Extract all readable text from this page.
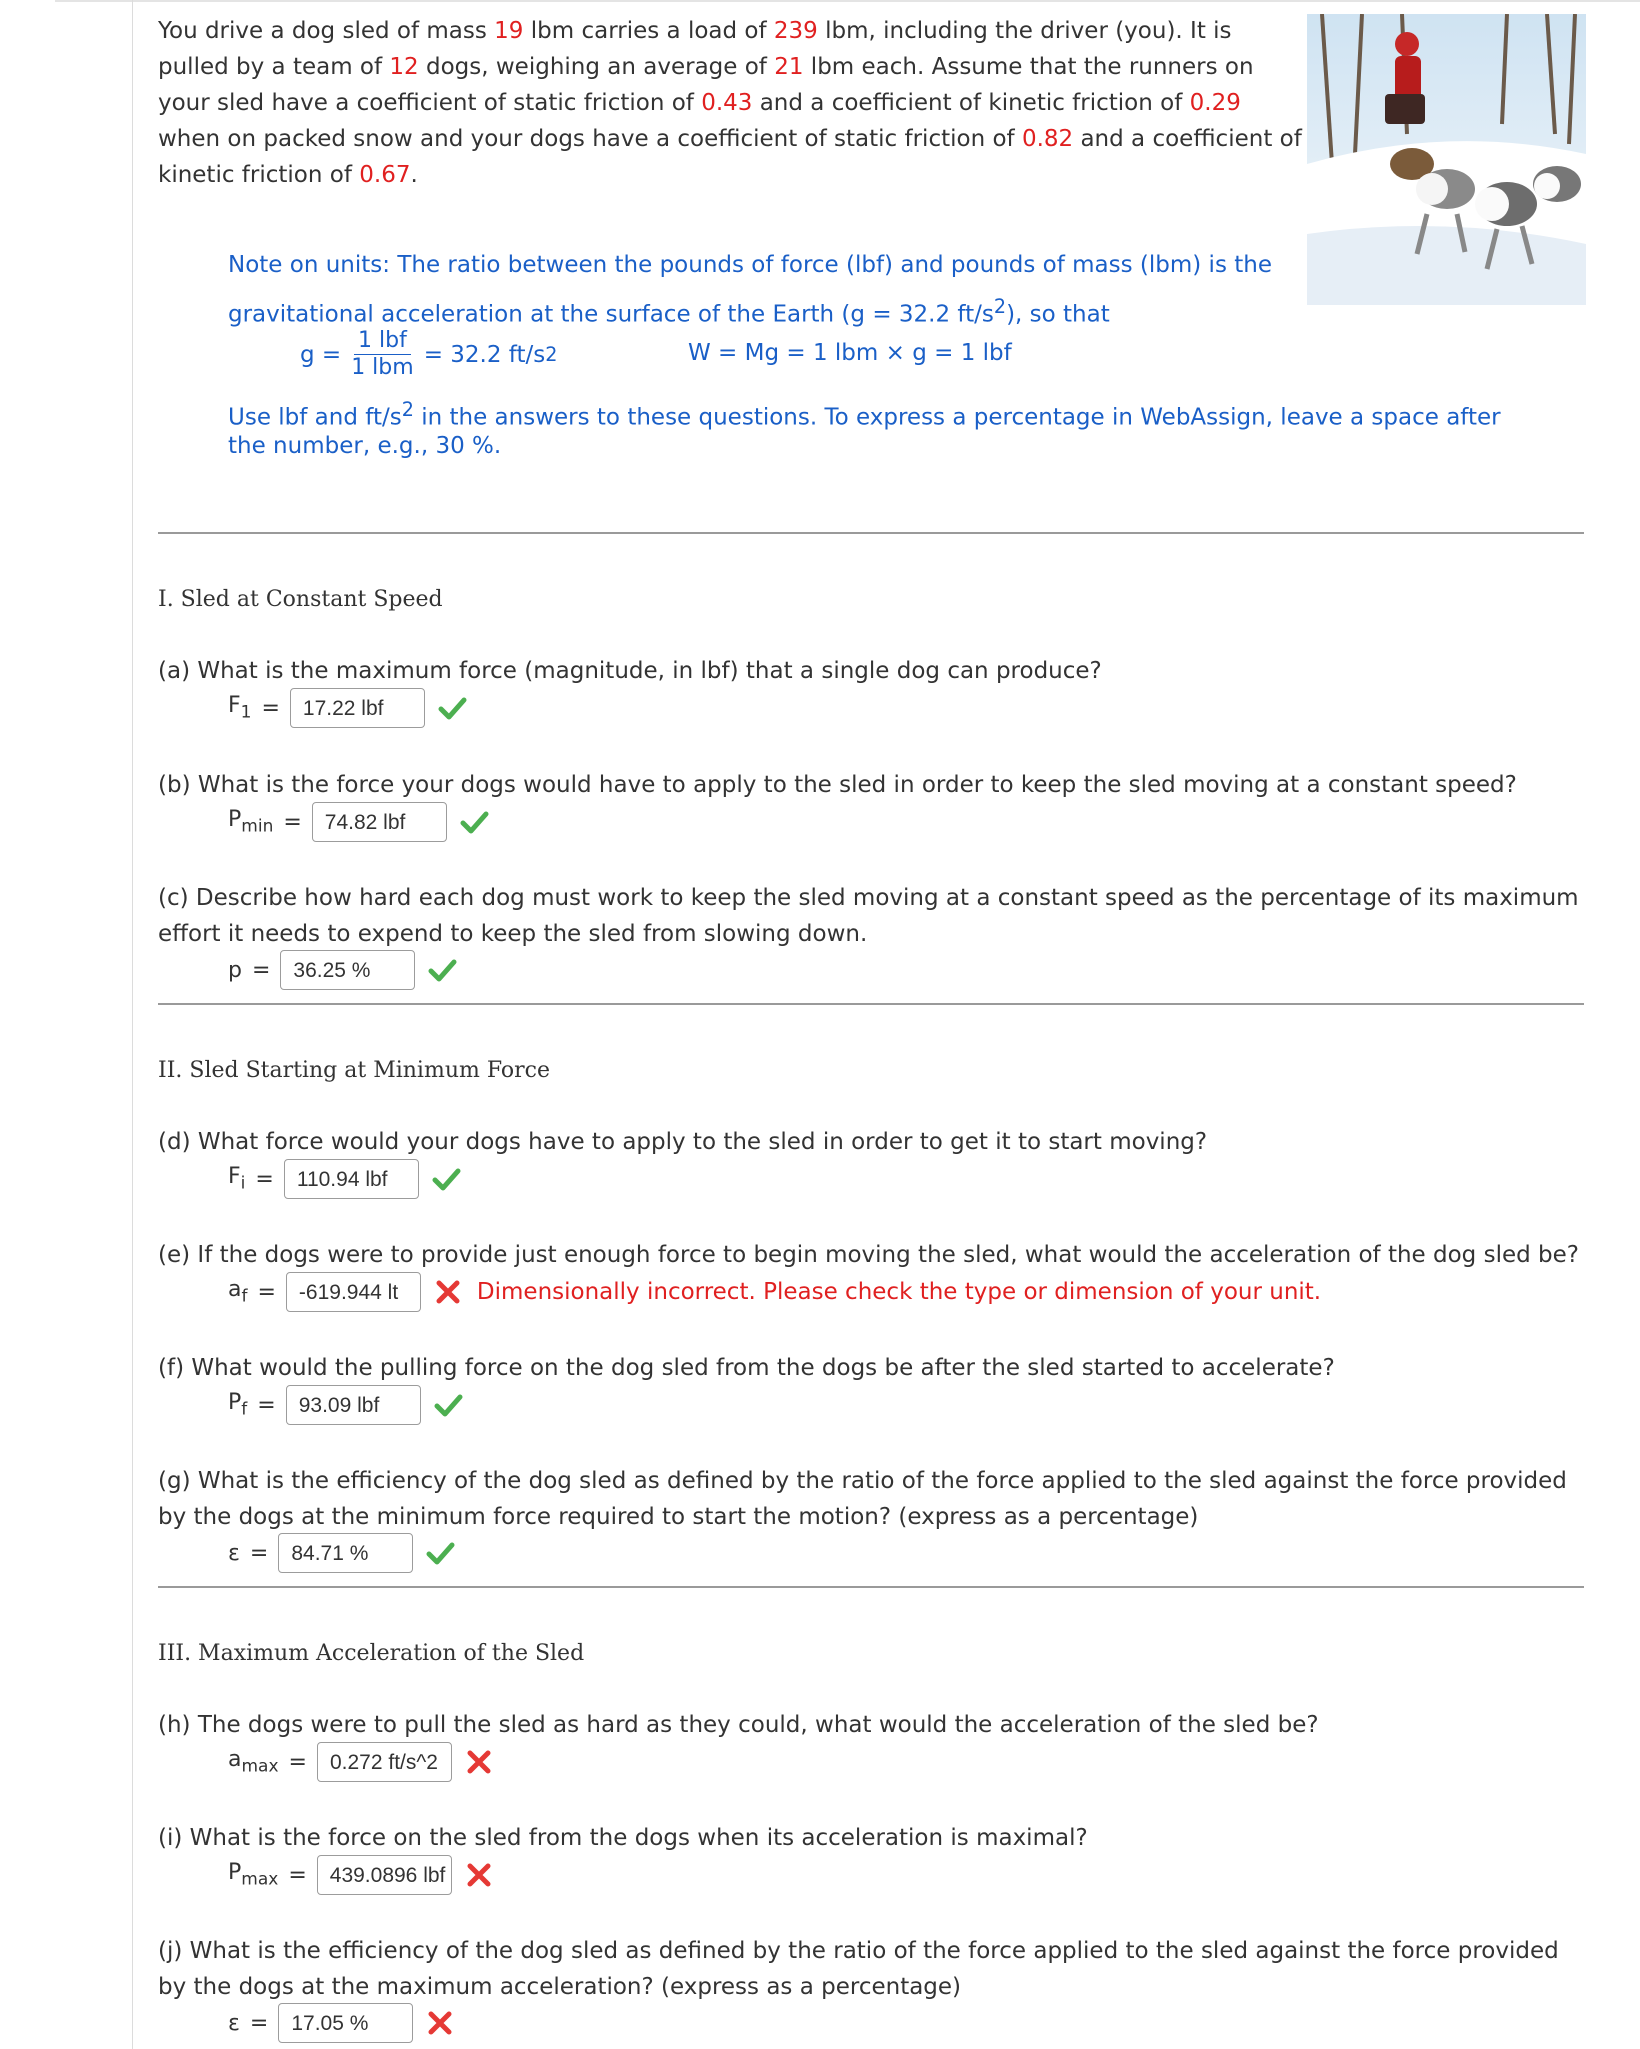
You drive a dog sled of mass 19 lbm carries a load of 239 lbm, including the driver (you). It is pulled by a team of 12 dogs, weighing an average of 21 lbm each. Assume that the runners on your sled have a coefficient of static friction of 0.43 and a coefficient of kinetic friction of 0.29 when on packed snow and your dogs have a coefficient of static friction of 0.82 and a coefficient of kinetic friction of 0.67.

Note on units: The ratio between the pounds of force (lbf) and pounds of mass (lbm) is the
gravitational acceleration at the surface of the Earth (g = 32.2 $ft/s^2$), so that
$g = \frac{\text{1 lbf}}{\text{1 lbm}} = 32.2$ ft/s 2	W = Mg = 1 lbm × g = 1 lbf
Use lbf and $ft/s^2$ in the answers to these questions. To express a percentage in WebAssign, leave a space after
the number, e.g., 30 %.
I. Sled at Constant Speed

(a) What is the maximum force (magnitude, in lbf) that a single dog can produce?

$F_1$ =	17.22 lbf

(b) What is the force your dogs would have to apply to the sled in order to keep the sled moving at a constant speed?

$P_{min}$ =	74.82 lbf

(c) Describe how hard each dog must work to keep the sled moving at a constant speed as the percentage of its maximum
effort it needs to expend to keep the sled from slowing down.

p =	36.25 %
II. Sled Starting at Minimum Force

(d) What force would your dogs have to apply to the sled in order to get it to start moving?

$F_i$ =	110.94 lbf

(e) If the dogs were to provide just enough force to begin moving the sled, what would the acceleration of the dog sled be?

$a_f$ =	-619.944 lt	Dimensionally incorrect. Please check the type or dimension of your unit.

(f) What would the pulling force on the dog sled from the dogs be after the sled started to accelerate?

$P_f$ =	93.09 lbf

(g) What is the efficiency of the dog sled as defined by the ratio of the force applied to the sled against the force provided
by the dogs at the minimum force required to start the motion? (express as a percentage)

ε =	84.71 %
III. Maximum Acceleration of the Sled

(h) The dogs were to pull the sled as hard as they could, what would the acceleration of the sled be?

$a_{max}$ =	0.272 ft/s^2

(i) What is the force on the sled from the dogs when its acceleration is maximal?

$P_{max}$ =	439.0896 lbf

(j) What is the efficiency of the dog sled as defined by the ratio of the force applied to the sled against the force provided
by the dogs at the maximum acceleration? (express as a percentage)

ε =	17.05 %
